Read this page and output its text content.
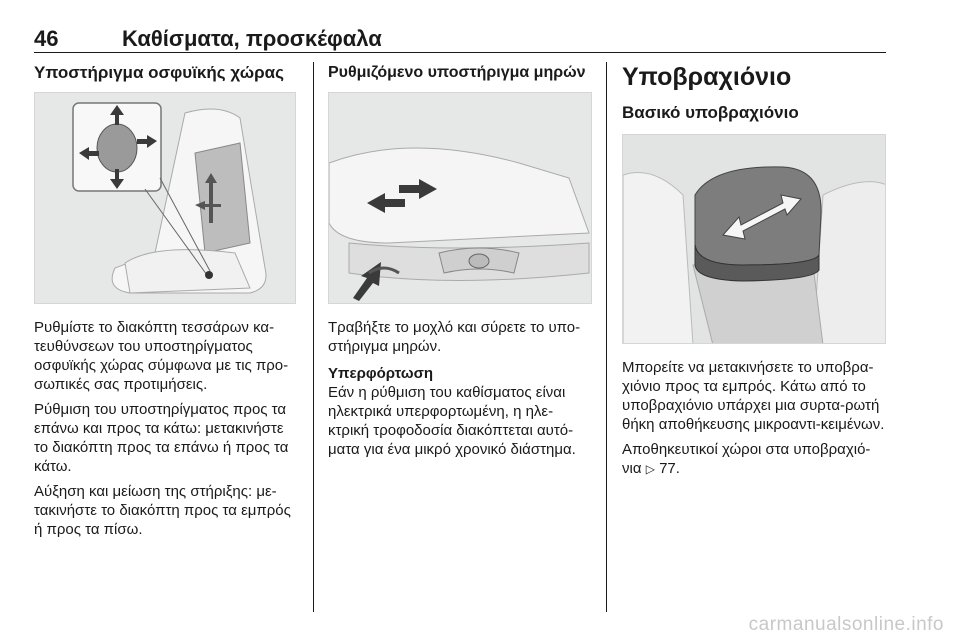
46	Καθίσματα, προσκέφαλα
Υποστήριγμα οσφυϊκής χώρας

Ρυθμίστε το διακόπτη τεσσάρων κα-τευθύνσεων του υποστηρίγματος οσφυϊκής χώρας σύμφωνα με τις προ-σωπικές σας προτιμήσεις.

Ρύθμιση του υποστηρίγματος προς τα επάνω και προς τα κάτω: μετακινήστε το διακόπτη προς τα επάνω ή προς τα κάτω.

Αύξηση και μείωση της στήριξης: με-τακινήστε το διακόπτη προς τα εμπρός ή προς τα πίσω.

Ρυθμιζόμενο υποστήριγμα μηρών

Τραβήξτε το μοχλό και σύρετε το υπο-στήριγμα μηρών.

Υπερφόρτωση

Εάν η ρύθμιση του καθίσματος είναι ηλεκτρικά υπερφορτωμένη, η ηλε-κτρική τροφοδοσία διακόπτεται αυτό-ματα για ένα μικρό χρονικό διάστημα.

Υποβραχιόνιο
Βασικό υποβραχιόνιο

Μπορείτε να μετακινήσετε το υποβρα-χιόνιο προς τα εμπρός. Κάτω από το υποβραχιόνιο υπάρχει μια συρτα-ρωτή θήκη αποθήκευσης μικροαντι-κειμένων.

Αποθηκευτικοί χώροι στα υποβραχιό-νια ▷ 77.

carmanualsonline.info
